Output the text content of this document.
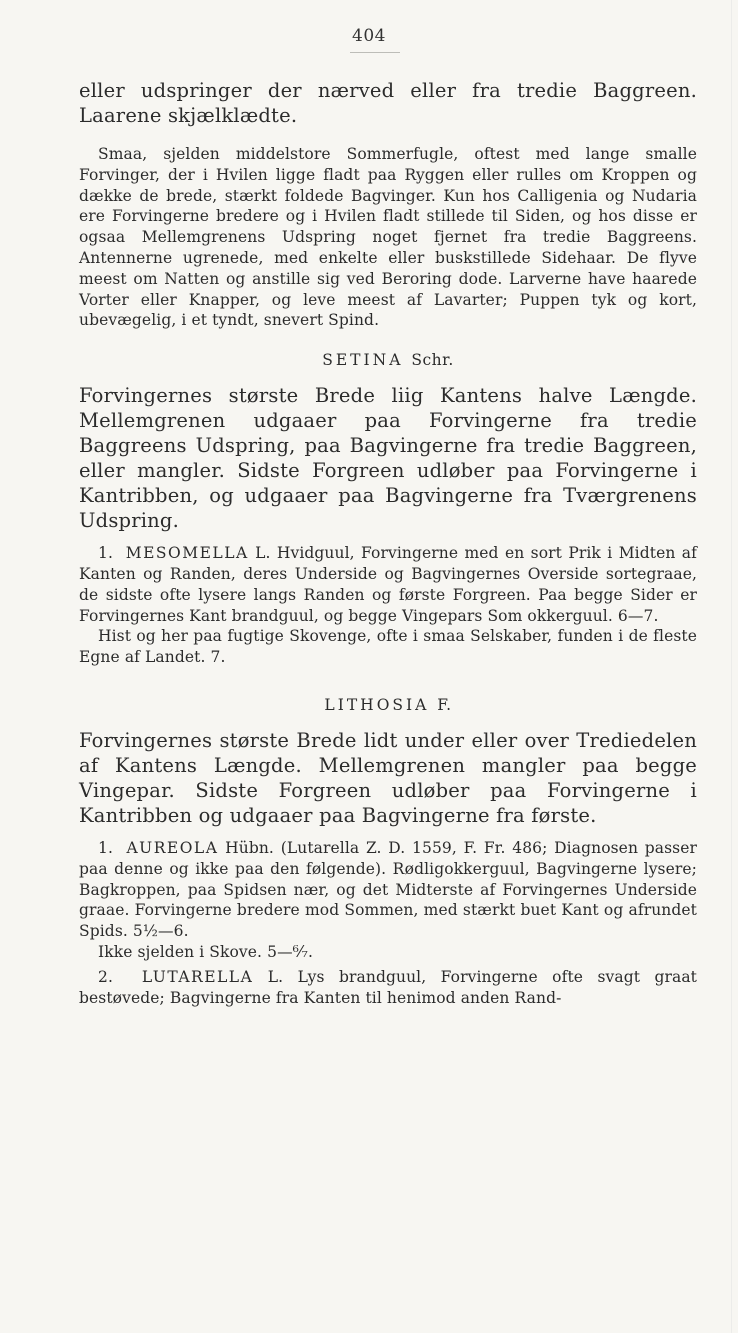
404

eller udspringer der nærved eller fra tredie Baggreen. Laarene skjælklædte.

Smaa, sjelden middelstore Sommerfugle, oftest med lange smalle Forvinger, der i Hvilen ligge fladt paa Ryggen eller rulles om Kroppen og dække de brede, stærkt foldede Bagvinger. Kun hos Calligenia og Nudaria ere Forvingerne bredere og i Hvilen fladt stillede til Siden, og hos disse er ogsaa Mellemgrenens Udspring noget fjernet fra tredie Baggreens. Antennerne ugrenede, med enkelte eller buskstillede Sidehaar. De flyve meest om Natten og anstille sig ved Beroring dode. Larverne have haarede Vorter eller Knapper, og leve meest af Lavarter; Puppen tyk og kort, ubevægelig, i et tyndt, snevert Spind.

SETINA Schr.

Forvingernes største Brede liig Kantens halve Længde. Mellemgrenen udgaaer paa Forvingerne fra tredie Baggreens Udspring, paa Bagvingerne fra tredie Baggreen, eller mangler. Sidste Forgreen udløber paa Forvingerne i Kantribben, og udgaaer paa Bagvingerne fra Tværgrenens Udspring.

1. MESOMELLA L. Hvidguul, Forvingerne med en sort Prik i Midten af Kanten og Randen, deres Underside og Bagvingernes Overside sortegraae, de sidste ofte lysere langs Randen og første Forgreen. Paa begge Sider er Forvingernes Kant brandguul, og begge Vingepars Som okkerguul. 6—7.

Hist og her paa fugtige Skovenge, ofte i smaa Selskaber, funden i de fleste Egne af Landet. 7.

LITHOSIA F.

Forvingernes største Brede lidt under eller over Trediedelen af Kantens Længde. Mellemgrenen mangler paa begge Vingepar. Sidste Forgreen udløber paa Forvingerne i Kantribben og udgaaer paa Bagvingerne fra første.

1. AUREOLA Hübn. (Lutarella Z. D. 1559, F. Fr. 486; Diagnosen passer paa denne og ikke paa den følgende). Rødligokkerguul, Bagvingerne lysere; Bagkroppen, paa Spidsen nær, og det Midterste af Forvingernes Underside graae. Forvingerne bredere mod Sommen, med stærkt buet Kant og afrundet Spids. 5½—6.

Ikke sjelden i Skove. 5—⁶⁄₇.

2. LUTARELLA L. Lys brandguul, Forvingerne ofte svagt graat bestøvede; Bagvingerne fra Kanten til henimod anden Rand-
